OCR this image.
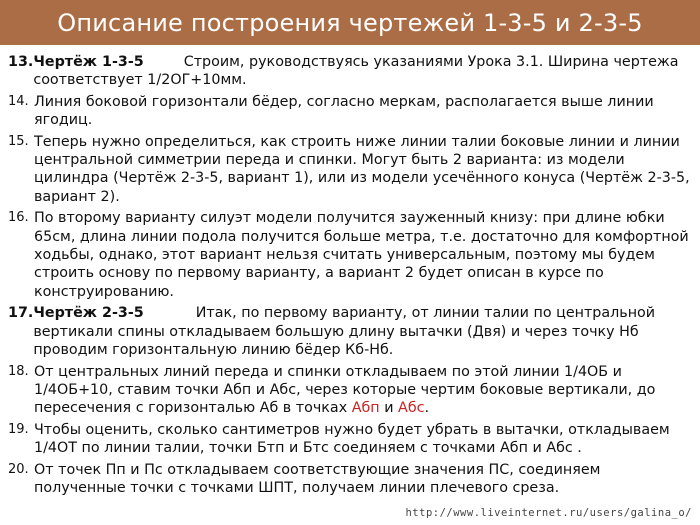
Описание построения чертежей 1-3-5 и 2-3-5
13. Чертёж 1-3-5	Строим, руководствуясь указаниями Урока 3.1. Ширина чертежа соответствует 1/2ОГ+10мм.
14. Линия боковой горизонтали бёдер, согласно меркам, располагается выше линии ягодиц.
15. Теперь нужно определиться, как строить ниже линии талии боковые линии и линии центральной симметрии переда и спинки. Могут быть 2 варианта: из модели цилиндра (Чертёж 2-3-5, вариант 1), или из модели усечённого конуса (Чертёж 2-3-5, вариант 2).
16. По второму варианту силуэт модели получится зауженный книзу: при длине юбки 65см, длина линии подола получится больше метра, т.е. достаточно для комфортной ходьбы, однако, этот вариант нельзя считать универсальным, поэтому мы будем строить основу по первому варианту, а вариант 2 будет описан в курсе по конструированию.
17. Чертёж 2-3-5	Итак, по первому варианту, от линии талии по центральной вертикали спины откладываем большую длину вытачки (Двя) и через точку Нб проводим горизонтальную линию бёдер Кб-Нб.
18. От центральных линий переда и спинки откладываем по этой линии 1/4ОБ и 1/4ОБ+10, ставим точки Абп и Абс, через которые чертим боковые вертикали, до пересечения с горизонталью Аб в точках Абп и Абс.
19. Чтобы оценить, сколько сантиметров нужно будет убрать в вытачки, откладываем 1/4ОТ по линии талии, точки Бтп и Бтс соединяем с точками Абп и Абс .
20. От точек Пп и Пс откладываем соответствующие значения ПС, соединяем полученные точки с точками ШПТ, получаем линии плечевого среза.
http://www.liveinternet.ru/users/galina_o/
